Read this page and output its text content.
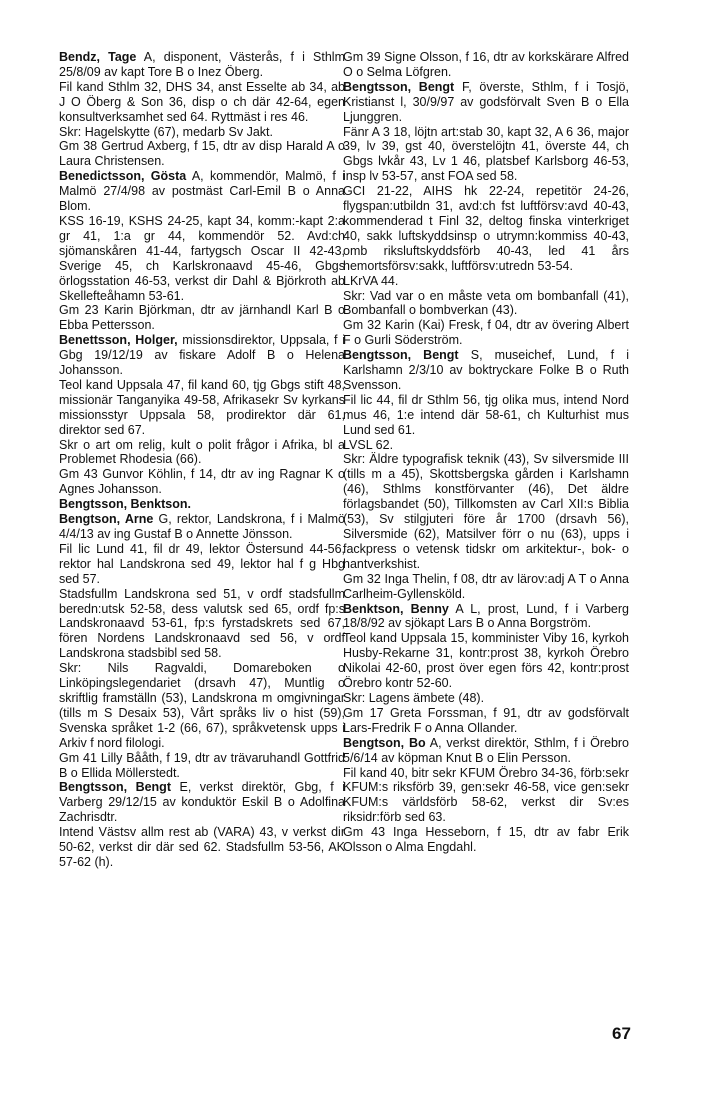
Bendz, Tage A, disponent, Västerås, f i Sthlm 25/8/09 av kapt Tore B o Inez Öberg.

Fil kand Sthlm 32, DHS 34, anst Esselte ab 34, ab J O Öberg & Son 36, disp o ch där 42-64, egen konsultverksamhet sed 64. Ryttmäst i res 46.

Skr: Hagelskytte (67), medarb Sv Jakt.

Gm 38 Gertrud Axberg, f 15, dtr av disp Harald A o Laura Christensen.

Benedictsson, Gösta A, kommendör, Malmö, f i Malmö 27/4/98 av postmäst Carl-Emil B o Anna Blom.

KSS 16-19, KSHS 24-25, kapt 34, komm:-kapt 2:a gr 41, 1:a gr 44, kommendör 52. Avd:ch sjömanskåren 41-44, fartygsch Oscar II 42-43, Sverige 45, ch Karlskronaavd 45-46, Gbgs örlogsstation 46-53, verkst dir Dahl & Björkroth ab Skellefteåhamn 53-61.

Gm 23 Karin Björkman, dtr av järnhandl Karl B o Ebba Pettersson.

Benettsson, Holger, missionsdirektor, Uppsala, f i Gbg 19/12/19 av fiskare Adolf B o Helena Johansson.

Teol kand Uppsala 47, fil kand 60, tjg Gbgs stift 48, missionär Tanganyika 49-58, Afrikasekr Sv kyrkans missionsstyr Uppsala 58, prodirektor där 61, direktor sed 67.

Skr o art om relig, kult o polit frågor i Afrika, bl a Problemet Rhodesia (66).

Gm 43 Gunvor Köhlin, f 14, dtr av ing Ragnar K o Agnes Johansson.

Bengtsson, Benktson.

Bengtson, Arne G, rektor, Landskrona, f i Malmö 4/4/13 av ing Gustaf B o Annette Jönsson.

Fil lic Lund 41, fil dr 49, lektor Östersund 44-56, rektor hal Landskrona sed 49, lektor hal f g Hbg sed 57.

Stadsfullm Landskrona sed 51, v ordf stadsfullm beredn:utsk 52-58, dess valutsk sed 65, ordf fp:s Landskronaavd 53-61, fp:s fyrstadskrets sed 67, fören Nordens Landskronaavd sed 56, v ordf Landskrona stadsbibl sed 58.

Skr: Nils Ragvaldi, Domareboken o Linköpingslegendariet (drsavh 47), Muntlig o skriftlig framställn (53), Landskrona m omgivningar (tills m S Desaix 53), Vårt språks liv o hist (59), Svenska språket 1-2 (66, 67), språkvetensk upps i Arkiv f nord filologi.

Gm 41 Lilly Bååth, f 19, dtr av trävaruhandl Gottfrid B o Ellida Möllerstedt.

Bengtsson, Bengt E, verkst direktör, Gbg, f i Varberg 29/12/15 av konduktör Eskil B o Adolfina Zachrisdtr.

Intend Västsv allm rest ab (VARA) 43, v verkst dir 50-62, verkst dir där sed 62. Stadsfullm 53-56, AK 57-62 (h).

Gm 39 Signe Olsson, f 16, dtr av korkskärare Alfred O o Selma Löfgren.

Bengtsson, Bengt F, överste, Sthlm, f i Tosjö, Kristianst l, 30/9/97 av godsförvalt Sven B o Ella Ljunggren.

Fänr A 3 18, löjtn art:stab 30, kapt 32, A 6 36, major 39, lv 39, gst 40, överstelöjtn 41, överste 44, ch Gbgs lvkår 43, Lv 1 46, platsbef Karlsborg 46-53, insp lv 53-57, anst FOA sed 58.

GCI 21-22, AIHS hk 22-24, repetitör 24-26, flygspan:utbildn 31, avd:ch fst luftförsv:avd 40-43, kommenderad t Finl 32, deltog finska vinterkriget 40, sakk luftskyddsinsp o utrymn:kommiss 40-43, omb riksluftskyddsförb 40-43, led 41 års hemortsförsv:sakk, luftförsv:utredn 53-54.

LKrVA 44.

Skr: Vad var o en måste veta om bombanfall (41), Bombanfall o bombverkan (43).

Gm 32 Karin (Kai) Fresk, f 04, dtr av övering Albert F o Gurli Söderström.

Bengtsson, Bengt S, museichef, Lund, f i Karlshamn 2/3/10 av boktryckare Folke B o Ruth Svensson.

Fil lic 44, fil dr Sthlm 56, tjg olika mus, intend Nord mus 46, 1:e intend där 58-61, ch Kulturhist mus Lund sed 61.

LVSL 62.

Skr: Äldre typografisk teknik (43), Sv silversmide III (tills m a 45), Skottsbergska gården i Karlshamn (46), Sthlms konstförvanter (46), Det äldre förlagsbandet (50), Tillkomsten av Carl XII:s Biblia (53), Sv stilgjuteri före år 1700 (drsavh 56), Silversmide (62), Matsilver förr o nu (63), upps i fackpress o vetensk tidskr om arkitektur-, bok- o hantverkshist.

Gm 32 Inga Thelin, f 08, dtr av lärov:adj A T o Anna Carlheim-Gyllensköld.

Benktson, Benny A L, prost, Lund, f i Varberg 18/8/92 av sjökapt Lars B o Anna Borgström.

Teol kand Uppsala 15, komminister Viby 16, kyrkoh Husby-Rekarne 31, kontr:prost 38, kyrkoh Örebro Nikolai 42-60, prost över egen förs 42, kontr:prost Örebro kontr 52-60.

Skr: Lagens ämbete (48).

Gm 17 Greta Forssman, f 91, dtr av godsförvalt Lars-Fredrik F o Anna Ollander.

Bengtson, Bo A, verkst direktör, Sthlm, f i Örebro 5/6/14 av köpman Knut B o Elin Persson.

Fil kand 40, bitr sekr KFUM Örebro 34-36, förb:sekr KFUM:s riksförb 39, gen:sekr 46-58, vice gen:sekr KFUM:s världsförb 58-62, verkst dir Sv:es riksidr:förb sed 63.

Gm 43 Inga Hesseborn, f 15, dtr av fabr Erik Olsson o Alma Engdahl.

67
